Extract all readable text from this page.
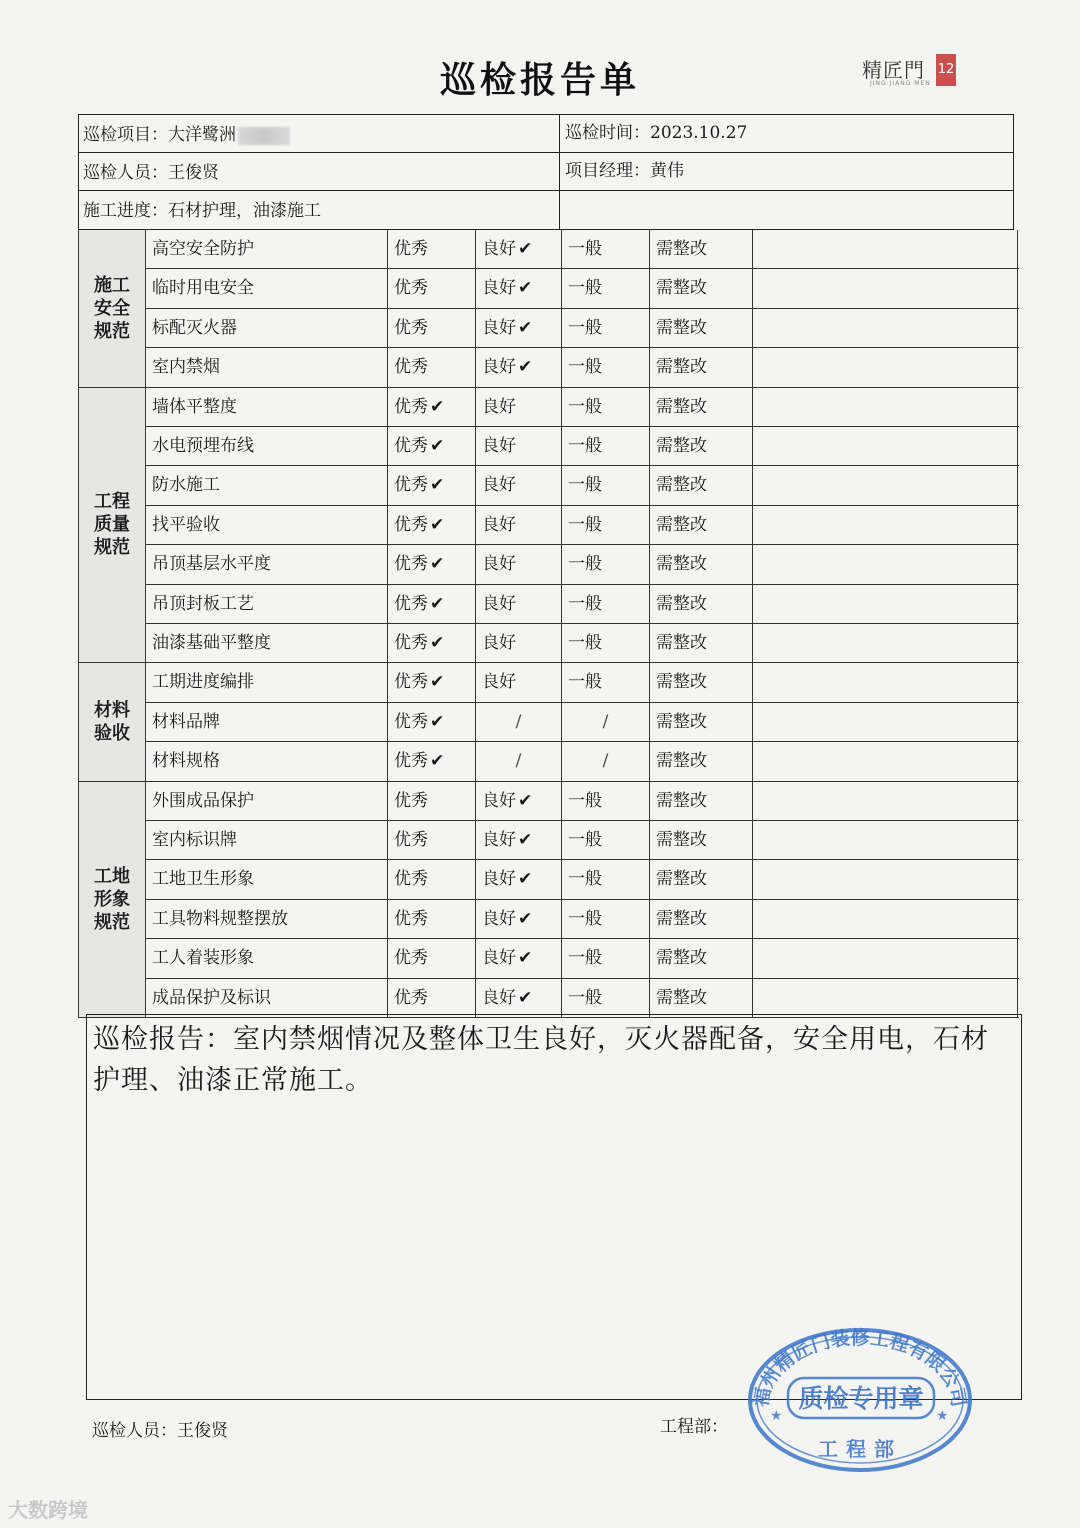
巡检报告单	精匠門
JING JIANG MEN
12
巡检项目：大洋鹭洲	巡检时间：2023.10.27
巡检人员：王俊贤	项目经理：黄伟
施工进度：石材护理，油漆施工
高空安全防护	优秀	良好 ✔	一般	需整改
临时用电安全	优秀	良好 ✔	一般	需整改
标配灭火器	优秀	良好 ✔	一般	需整改
室内禁烟	优秀	良好 ✔	一般	需整改
施工安全规范
墙体平整度	优秀 ✔	良好	一般	需整改
水电预埋布线	优秀 ✔	良好	一般	需整改
防水施工	优秀 ✔	良好	一般	需整改
找平验收	优秀 ✔	良好	一般	需整改
吊顶基层水平度	优秀 ✔	良好	一般	需整改
吊顶封板工艺	优秀 ✔	良好	一般	需整改
油漆基础平整度	优秀 ✔	良好	一般	需整改
工程质量规范
工期进度编排	优秀 ✔	良好	一般	需整改
材料品牌	优秀 ✔	/	/	需整改
材料规格	优秀 ✔	/	/	需整改
材料验收
外围成品保护	优秀	良好 ✔	一般	需整改
室内标识牌	优秀	良好 ✔	一般	需整改
工地卫生形象	优秀	良好 ✔	一般	需整改
工具物料规整摆放	优秀	良好 ✔	一般	需整改
工人着装形象	优秀	良好 ✔	一般	需整改
成品保护及标识	优秀	良好 ✔	一般	需整改
工地形象规范
巡检报告：室内禁烟情况及整体卫生良好，灭火器配备，安全用电，石材护理、油漆正常施工。
巡检人员：王俊贤	工程部：
福州精匠门装修工程有限公司
质检专用章
工程部
★	★
大数跨境
